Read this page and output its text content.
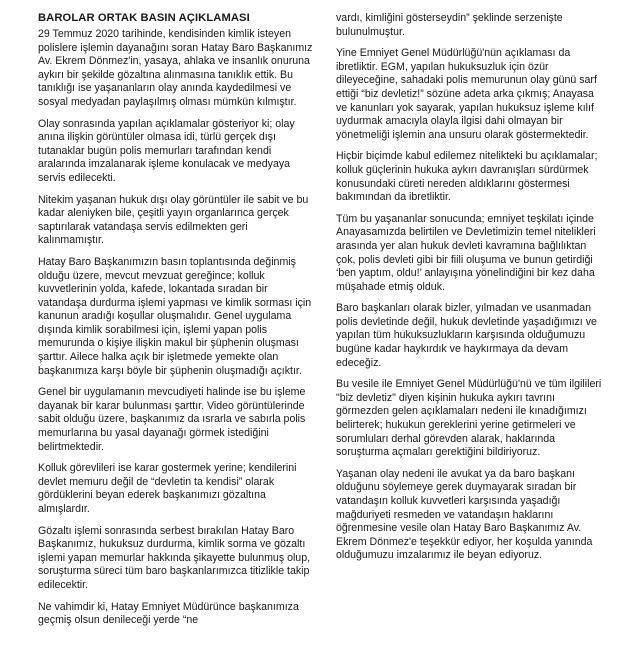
BAROLAR ORTAK BASIN AÇIKLAMASI

29 Temmuz 2020 tarihinde, kendisinden kimlik isteyen polislere işlemin dayanağını soran Hatay Baro Başkanımız Av. Ekrem Dönmez'in, yasaya, ahlaka ve insanlık onuruna aykırı bir şekilde gözaltına alınmasına tanıklık ettik. Bu tanıklığı ise yaşananların olay anında kaydedilmesi ve sosyal medyadan paylaşılmış olması mümkün kılmıştır.

Olay sonrasında yapılan açıklamalar gösteriyor ki; olay anına ilişkin görüntüler olmasa idi, türlü gerçek dışı tutanaklar bugün polis memurları tarafından kendi aralarında imzalanarak işleme konulacak ve medyaya servis edilecekti.

Nitekim yaşanan hukuk dışı olay görüntüler ile sabit ve bu kadar aleniyken bile, çeşitli yayın organlarınca gerçek saptırılarak vatandaşa servis edilmekten geri kalınmamıştır.

Hatay Baro Başkanımızın basın toplantısında değinmiş olduğu üzere, mevcut mevzuat gereğince; kolluk kuvvetlerinin yolda, kafede, lokantada sıradan bir vatandaşa durdurma işlemi yapması ve kimlik sorması için kanunun aradığı koşullar oluşmalıdır. Genel uygulama dışında kimlik sorabilmesi için, işlemi yapan polis memurunda o kişiye ilişkin makul bir şüphenin oluşması şarttır. Ailece halka açık bir işletmede yemekte olan başkanımıza karşı böyle bir şüphenin oluşmadığı açıktır.

Genel bir uygulamanın mevcudiyeti halinde ise bu işleme dayanak bir karar bulunması şarttır. Video görüntülerinde sabit olduğu üzere, başkanımız da ısrarla ve sabırla polis memurlarına bu yasal dayanağı görmek istediğini belirtmektedir.

Kolluk görevlileri ise karar gostermek yerine; kendilerini devlet memuru değil de “devletin ta kendisi” olarak gördüklerini beyan ederek başkanımızı gözaltına almışlardır.

Gözaltı işlemi sonrasında serbest bırakılan Hatay Baro Başkanımız, hukuksuz durdurma, kimlik sorma ve gözaltı işlemi yapan memurlar hakkında şikayette bulunmuş olup, soruşturma süreci tüm baro başkanlarımızca titizlikle takip edilecektir.

Ne vahimdir ki, Hatay Emniyet Müdürünce başkanımıza geçmiş olsun denileceği yerde “ne

vardı, kimliğini gösterseydin” şeklinde serzenişte bulunulmuştur.

Yine Emniyet Genel Müdürlüğü'nün açıklaması da ibretliktir. EGM, yapılan hukuksuzluk için özür dileyeceğine, sahadaki polis memurunun olay günü sarf ettiği “biz devletiz!” sözüne adeta arka çıkmış; Anayasa ve kanunları yok sayarak, yapılan hukuksuz işleme kılıf uydurmak amacıyla olayla ilgisi dahi olmayan bir yönetmeliği işlemin ana unsuru olarak göstermektedir.

Hiçbir biçimde kabul edilemez nitelikteki bu açıklamalar; kolluk güçlerinin hukuka aykırı davranışları sürdürmek konusundaki cüreti nereden aldıklarını göstermesi bakımından da ibretliktir.

Tüm bu yaşananlar sonucunda; emniyet teşkilatı içinde Anayasamızda belirtilen ve Devletimizin temel nitelikleri arasında yer alan hukuk devleti kavramına bağlılıktan çok, polis devleti gibi bir fiili oluşuma ve bunun getirdiği ‘ben yaptım, oldu!’ anlayışına yönelindiğini bir kez daha müşahade etmiş olduk.

Baro başkanları olarak bizler, yılmadan ve usanmadan polis devletinde değil, hukuk devletinde yaşadığımızı ve yapılan tüm hukuksuzlukların karşısında olduğumuzu bugüne kadar haykırdık ve haykırmaya da devam edeceğiz.

Bu vesile ile Emniyet Genel Müdürlüğü'nü ve tüm ilgilileri "biz devletiz" diyen kişinin hukuka aykırı tavrını görmezden gelen açıklamaları nedeni ile kınadığımızı belirterek; hukukun gereklerini yerine getirmeleri ve sorumluları derhal görevden alarak, haklarında soruşturma açmaları gerektiğini bildiriyoruz.

Yaşanan olay nedeni ile avukat ya da baro başkanı olduğunu söylemeye gerek duymayarak sıradan bir vatandaşın kolluk kuvvetleri karşısında yaşadığı mağduriyeti resmeden ve vatandaşın haklarını öğrenmesine vesile olan Hatay Baro Başkanımız Av. Ekrem Dönmez'e teşekkür ediyor, her koşulda yanında olduğumuzu imzalarımız ile beyan ediyoruz.
